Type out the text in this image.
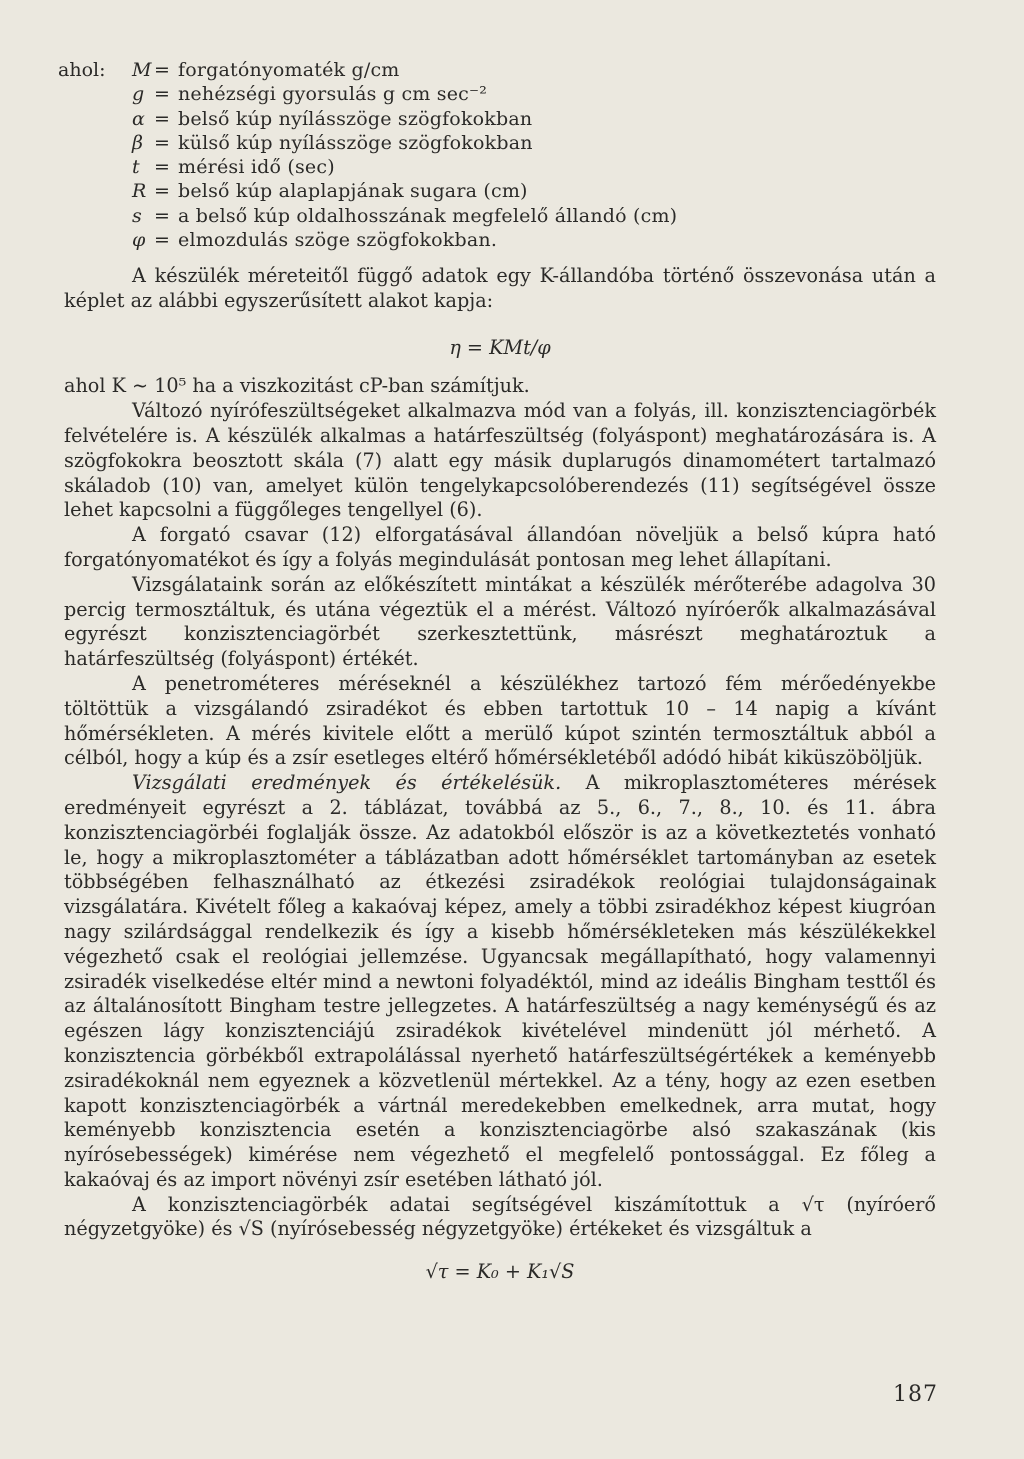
ahol:	M = forgatónyomaték g/cm
g = nehézségi gyorsulás g cm sec⁻²
α = belső kúp nyílásszöge szögfokokban
β = külső kúp nyílásszöge szögfokokban
t = mérési idő (sec)
R = belső kúp alaplapjának sugara (cm)
s = a belső kúp oldalhosszának megfelelő állandó (cm)
φ = elmozdulás szöge szögfokokban.

A készülék méreteitől függő adatok egy K-állandóba történő összevonása után a képlet az alábbi egyszerűsített alakot kapja:

η = KMt/φ

ahol K ~ 10⁵ ha a viszkozitást cP-ban számítjuk.

Változó nyírófeszültségeket alkalmazva mód van a folyás, ill. konzisztenciagörbék felvételére is. A készülék alkalmas a határfeszültség (folyáspont) meghatározására is. A szögfokokra beosztott skála (7) alatt egy másik duplarugós dinamométert tartalmazó skáladob (10) van, amelyet külön tengelykapcsolóberendezés (11) segítségével össze lehet kapcsolni a függőleges tengellyel (6).

A forgató csavar (12) elforgatásával állandóan növeljük a belső kúpra ható forgatónyomatékot és így a folyás megindulását pontosan meg lehet állapítani.

Vizsgálataink során az előkészített mintákat a készülék mérőterébe adagolva 30 percig termosztáltuk, és utána végeztük el a mérést. Változó nyíróerők alkalmazásával egyrészt konzisztenciagörbét szerkesztettünk, másrészt meghatároztuk a határfeszültség (folyáspont) értékét.

A penetrométeres méréseknél a készülékhez tartozó fém mérőedényekbe töltöttük a vizsgálandó zsiradékot és ebben tartottuk 10 – 14 napig a kívánt hőmérsékleten. A mérés kivitele előtt a merülő kúpot szintén termosztáltuk abból a célból, hogy a kúp és a zsír esetleges eltérő hőmérsékletéből adódó hibát kiküszöböljük.

Vizsgálati eredmények és értékelésük. A mikroplasztométeres mérések eredményeit egyrészt a 2. táblázat, továbbá az 5., 6., 7., 8., 10. és 11. ábra konzisztenciagörbéi foglalják össze. Az adatokból először is az a következtetés vonható le, hogy a mikroplasztométer a táblázatban adott hőmérséklet tartományban az esetek többségében felhasználható az étkezési zsiradékok reológiai tulajdonságainak vizsgálatára. Kivételt főleg a kakaóvaj képez, amely a többi zsiradékhoz képest kiugróan nagy szilárdsággal rendelkezik és így a kisebb hőmérsékleteken más készülékekkel végezhető csak el reológiai jellemzése. Ugyancsak megállapítható, hogy valamennyi zsiradék viselkedése eltér mind a newtoni folyadéktól, mind az ideális Bingham testtől és az általánosított Bingham testre jellegzetes. A határfeszültség a nagy keménységű és az egészen lágy konzisztenciájú zsiradékok kivételével mindenütt jól mérhető. A konzisztencia görbékből extrapolálással nyerhető határfeszültségértékek a keményebb zsiradékoknál nem egyeznek a közvetlenül mértekkel. Az a tény, hogy az ezen esetben kapott konzisztenciagörbék a vártnál meredekebben emelkednek, arra mutat, hogy keményebb konzisztencia esetén a konzisztenciagörbe alsó szakaszának (kis nyírósebességek) kimérése nem végezhető el megfelelő pontossággal. Ez főleg a kakaóvaj és az import növényi zsír esetében látható jól.

A konzisztenciagörbék adatai segítségével kiszámítottuk a √τ (nyíróerő négyzetgyöke) és √S (nyírósebesség négyzetgyöke) értékeket és vizsgáltuk a

√τ = K₀ + K₁√S
187
